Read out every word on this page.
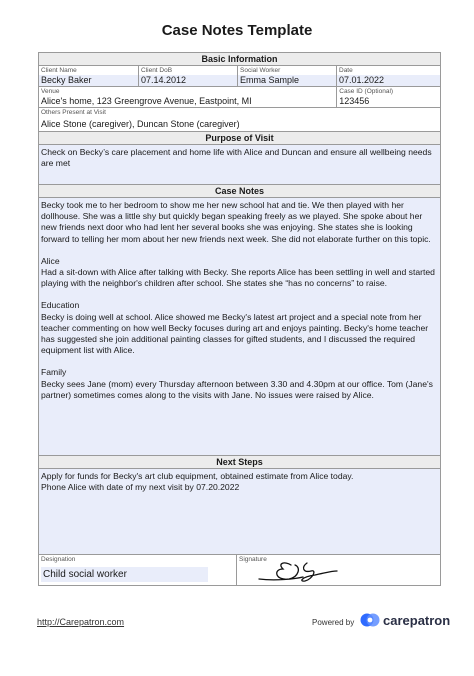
Case Notes Template
Basic Information
Client Name
Becky Baker
Client DoB
07.14.2012
Social Worker
Emma Sample
Date
07.01.2022
Venue
Alice's home, 123 Greengrove Avenue, Eastpoint, MI
Case ID (Optional)
123456
Others Present at Visit
Alice Stone (caregiver), Duncan Stone (caregiver)
Purpose of Visit
Check on Becky’s care placement and home life with Alice and Duncan and ensure all wellbeing needs are met
Case Notes
Becky took me to her bedroom to show me her new school hat and tie. We then played with her dollhouse. She was a little shy but quickly began speaking freely as we played. She spoke about her new friends next door who had lent her several books she was enjoying. She states she is looking forward to telling her mom about her new friends next week. She did not elaborate further on this topic.
Alice
Had a sit-down with Alice after talking with Becky. She reports Alice has been settling in well and started playing with the neighbor's children after school. She states she “has no concerns” to raise.
Education
Becky is doing well at school. Alice showed me Becky's latest art project and a special note from her teacher commenting on how well Becky focuses during art and enjoys painting. Becky's home teacher has suggested she join additional painting classes for gifted students, and I discussed the required equipment list with Alice.
Family
Becky sees Jane (mom) every Thursday afternoon between 3.30 and 4.30pm at our office. Tom (Jane's partner) sometimes comes along to the visits with Jane. No issues were raised by Alice.
Next Steps
Apply for funds for Becky's art club equipment, obtained estimate from Alice today.
Phone Alice with date of my next visit by 07.20.2022
Designation
Child social worker
Signature
http://Carepatron.com	Powered by carepatron
